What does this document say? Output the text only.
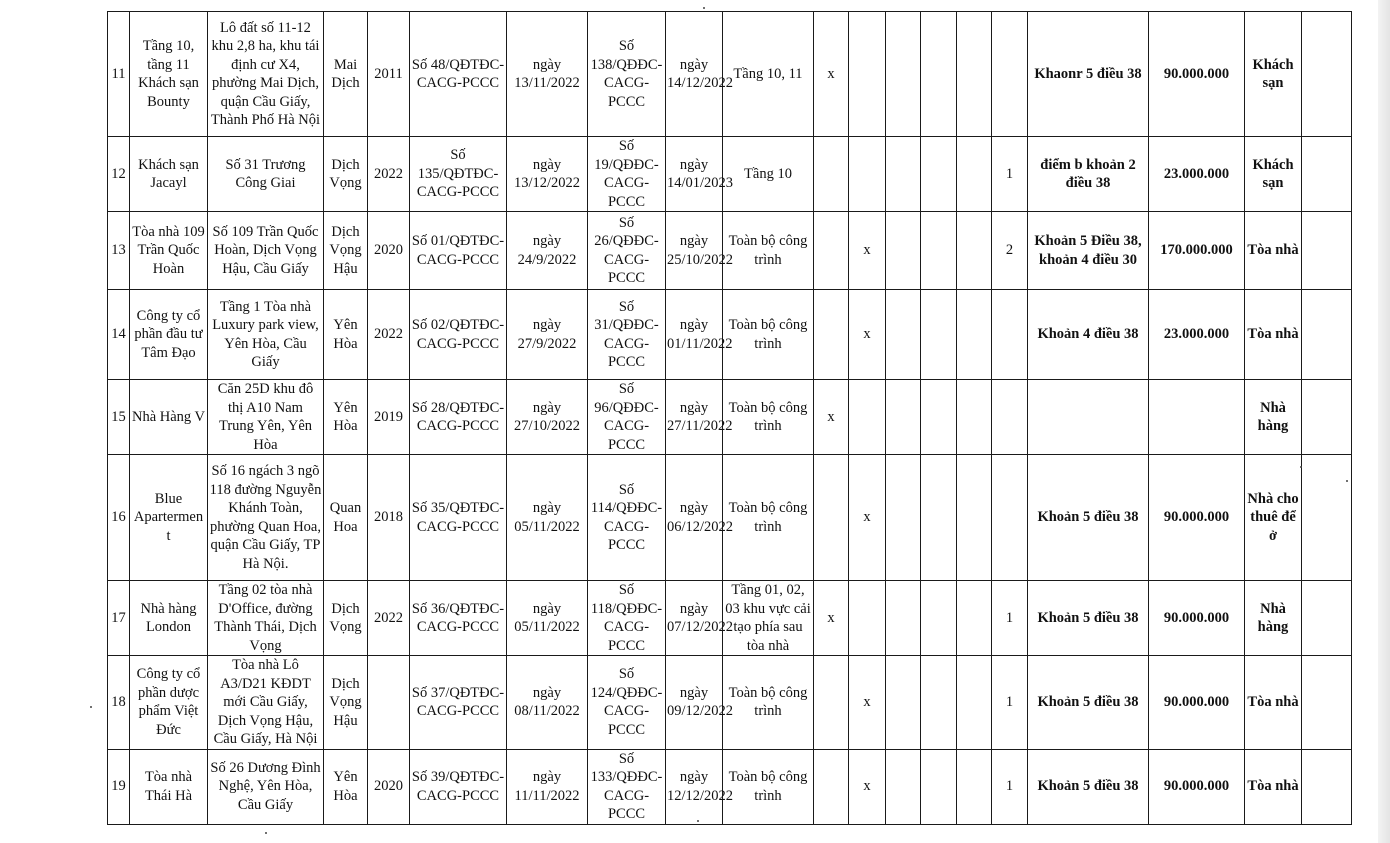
11	Tầng 10, tầng 11 Khách sạn Bounty	Lô đất số 11-12 khu 2,8 ha, khu tái định cư X4, phường Mai Dịch, quận Cầu Giấy, Thành Phố Hà Nội	Mai Dịch	2011	Số 48/QĐTĐC-CACG-PCCC	ngày 13/11/2022	Số 138/QĐĐC-CACG-PCCC	ngày 14/12/2022	Tầng 10, 11	x						Khaonr 5 điều 38	90.000.000	Khách sạn	
12	Khách sạn Jacayl	Số 31 Trương Công Giai	Dịch Vọng	2022	Số 135/QĐTĐC-CACG-PCCC	ngày 13/12/2022	Số 19/QĐĐC-CACG-PCCC	ngày 14/01/2023	Tầng 10						1	điểm b khoản 2 điều 38	23.000.000	Khách sạn	
13	Tòa nhà 109 Trần Quốc Hoàn	Số 109 Trần Quốc Hoàn, Dịch Vọng Hậu, Cầu Giấy	Dịch Vọng Hậu	2020	Số 01/QĐTĐC-CACG-PCCC	ngày 24/9/2022	Số 26/QĐĐC-CACG-PCCC	ngày 25/10/2022	Toàn bộ công trình		x				2	Khoản 5 Điều 38, khoản 4 điều 30	170.000.000	Tòa nhà	
14	Công ty cổ phần đầu tư Tâm Đạo	Tầng 1 Tòa nhà Luxury park view, Yên Hòa, Cầu Giấy	Yên Hòa	2022	Số 02/QĐTĐC-CACG-PCCC	ngày 27/9/2022	Số 31/QĐĐC-CACG-PCCC	ngày 01/11/2022	Toàn bộ công trình		x					Khoản 4 điều 38	23.000.000	Tòa nhà	
15	Nhà Hàng V	Căn 25D khu đô thị A10 Nam Trung Yên, Yên Hòa	Yên Hòa	2019	Số 28/QĐTĐC-CACG-PCCC	ngày 27/10/2022	Số 96/QĐĐC-CACG-PCCC	ngày 27/11/2022	Toàn bộ công trình	x								Nhà hàng	
16	Blue Apartermen t	Số 16 ngách 3 ngõ 118 đường Nguyễn Khánh Toàn, phường Quan Hoa, quận Cầu Giấy, TP Hà Nội.	Quan Hoa	2018	Số 35/QĐTĐC-CACG-PCCC	ngày 05/11/2022	Số 114/QĐĐC-CACG-PCCC	ngày 06/12/2022	Toàn bộ công trình		x					Khoản 5 điều 38	90.000.000	Nhà cho thuê để ở	
17	Nhà hàng London	Tầng 02 tòa nhà D'Office, đường Thành Thái, Dịch Vọng	Dịch Vọng	2022	Số 36/QĐTĐC-CACG-PCCC	ngày 05/11/2022	Số 118/QĐĐC-CACG-PCCC	ngày 07/12/2022	Tầng 01, 02, 03 khu vực cải tạo phía sau tòa nhà	x					1	Khoản 5 điều 38	90.000.000	Nhà hàng	
18	Công ty cổ phần dược phẩm Việt Đức	Tòa nhà Lô A3/D21 KĐDT mới Cầu Giấy, Dịch Vọng Hậu, Cầu Giấy, Hà Nội	Dịch Vọng Hậu		Số 37/QĐTĐC-CACG-PCCC	ngày 08/11/2022	Số 124/QĐĐC-CACG-PCCC	ngày 09/12/2022	Toàn bộ công trình		x				1	Khoản 5 điều 38	90.000.000	Tòa nhà	
19	Tòa nhà Thái Hà	Số 26 Dương Đình Nghệ, Yên Hòa, Cầu Giấy	Yên Hòa	2020	Số 39/QĐTĐC-CACG-PCCC	ngày 11/11/2022	Số 133/QĐĐC-CACG-PCCC	ngày 12/12/2022	Toàn bộ công trình		x				1	Khoản 5 điều 38	90.000.000	Tòa nhà	
